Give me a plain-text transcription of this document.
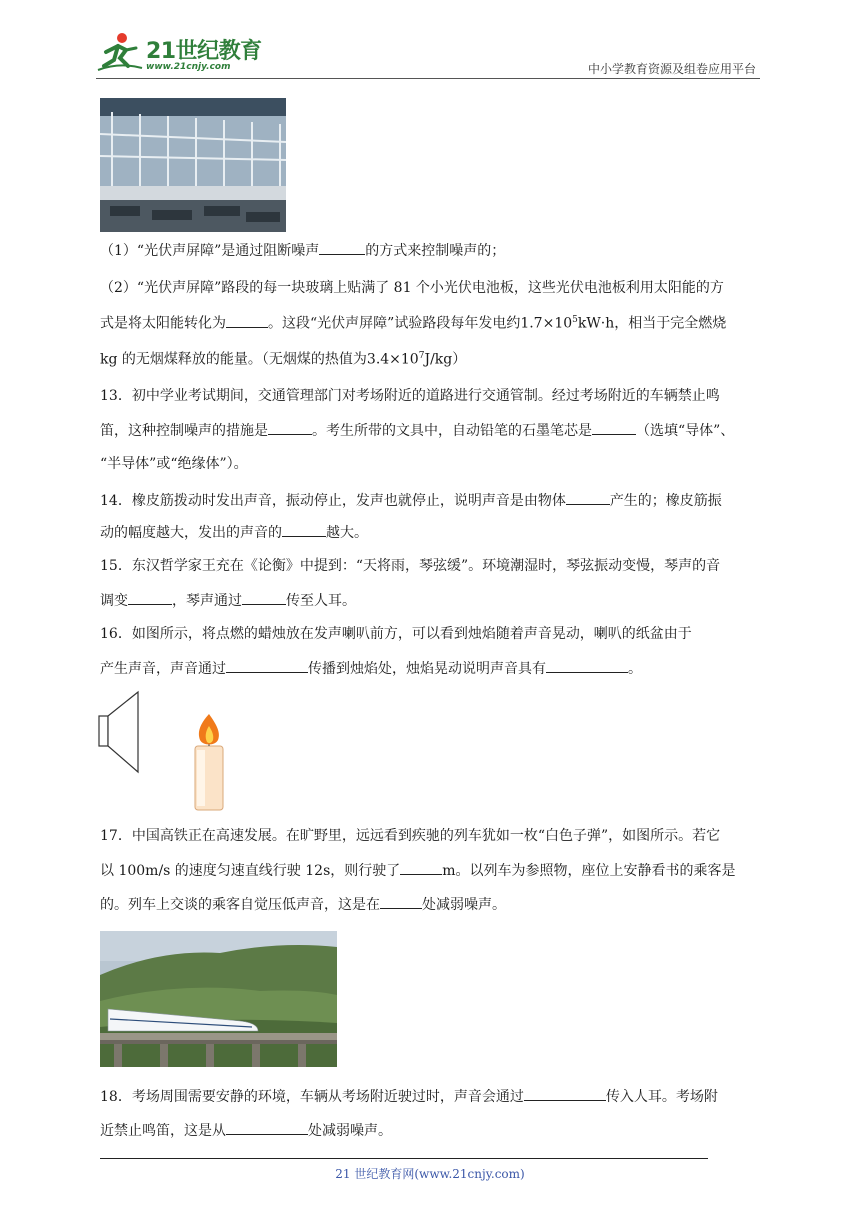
21世纪教育
www.21cnjy.com	中小学教育资源及组卷应用平台
（1）“光伏声屏障”是通过阻断噪声	的方式来控制噪声的；
（2）“光伏声屏障”路段的每一块玻璃上贴满了 81 个小光伏电池板，这些光伏电池板利用太阳能的方
式是将太阳能转化为	。这段“光伏声屏障”试验路段每年发电约$1.7\times 10^5kW\cdot h$，相当于完全燃烧
kg 的无烟煤释放的能量。（无烟煤的热值为$3.4\times 10^7J/kg$）
13．初中学业考试期间，交通管理部门对考场附近的道路进行交通管制。经过考场附近的车辆禁止鸣
笛，这种控制噪声的措施是	。考生所带的文具中，自动铅笔的石墨笔芯是	（选填“导体”、
“半导体”或“绝缘体”）。
14．橡皮筋拨动时发出声音，振动停止，发声也就停止，说明声音是由物体	产生的；橡皮筋振
动的幅度越大，发出的声音的	越大。
15．东汉哲学家王充在《论衡》中提到：“天将雨，琴弦缓”。环境潮湿时，琴弦振动变慢，琴声的音
调变	，琴声通过	传至人耳。
16．如图所示，将点燃的蜡烛放在发声喇叭前方，可以看到烛焰随着声音晃动，喇叭的纸盆由于
产生声音，声音通过	传播到烛焰处，烛焰晃动说明声音具有	。
17．中国高铁正在高速发展。在旷野里，远远看到疾驰的列车犹如一枚“白色子弹”，如图所示。若它
以 100m/s 的速度匀速直线行驶 12s，则行驶了	m。以列车为参照物，座位上安静看书的乘客是
的。列车上交谈的乘客自觉压低声音，这是在	处减弱噪声。
18．考场周围需要安静的环境，车辆从考场附近驶过时，声音会通过	传入人耳。考场附
近禁止鸣笛，这是从	处减弱噪声。
21 世纪教育网(www.21cnjy.com)
